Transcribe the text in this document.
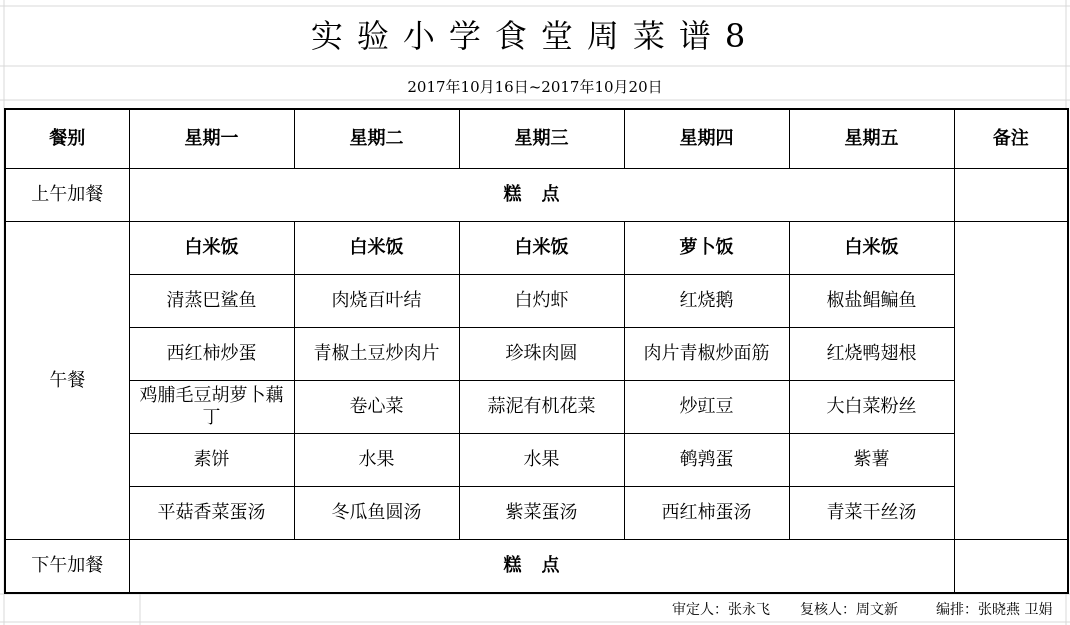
实验小学食堂周菜谱8
2017年10月16日~2017年10月20日
餐别	星期一	星期二	星期三	星期四	星期五	备注
上午加餐	糕点					
午餐	白米饭	白米饭	白米饭	萝卜饭	白米饭	
	清蒸巴鲨鱼	肉烧百叶结	白灼虾	红烧鹅	椒盐鲳鳊鱼	
	西红柿炒蛋	青椒土豆炒肉片	珍珠肉圆	肉片青椒炒面筋	红烧鸭翅根	
	鸡脯毛豆胡萝卜藕丁	卷心菜	蒜泥有机花菜	炒豇豆	大白菜粉丝	
	素饼	水果	水果	鹌鹑蛋	紫薯	
	平菇香菜蛋汤	冬瓜鱼圆汤	紫菜蛋汤	西红柿蛋汤	青菜干丝汤	
下午加餐	糕点					
审定人：张永飞 复核人：周文新	编排：张晓燕 卫娟
